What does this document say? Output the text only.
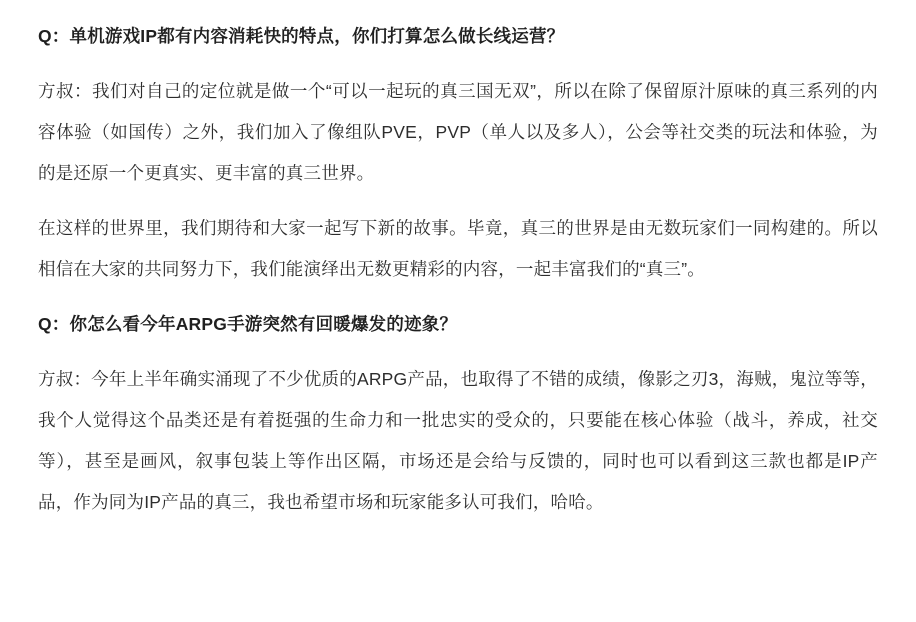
Q：单机游戏IP都有内容消耗快的特点，你们打算怎么做长线运营？

方叔：我们对自己的定位就是做一个“可以一起玩的真三国无双”，所以在除了保留原汁原味的真三系列的内容体验（如国传）之外，我们加入了像组队PVE，PVP（单人以及多人），公会等社交类的玩法和体验，为的是还原一个更真实、更丰富的真三世界。

在这样的世界里，我们期待和大家一起写下新的故事。毕竟，真三的世界是由无数玩家们一同构建的。所以相信在大家的共同努力下，我们能演绎出无数更精彩的内容，一起丰富我们的“真三”。

Q：你怎么看今年ARPG手游突然有回暖爆发的迹象？

方叔：今年上半年确实涌现了不少优质的ARPG产品，也取得了不错的成绩，像影之刃3，海贼，鬼泣等等，我个人觉得这个品类还是有着挺强的生命力和一批忠实的受众的，只要能在核心体验（战斗，养成，社交等），甚至是画风，叙事包装上等作出区隔，市场还是会给与反馈的，同时也可以看到这三款也都是IP产品，作为同为IP产品的真三，我也希望市场和玩家能多认可我们，哈哈。
